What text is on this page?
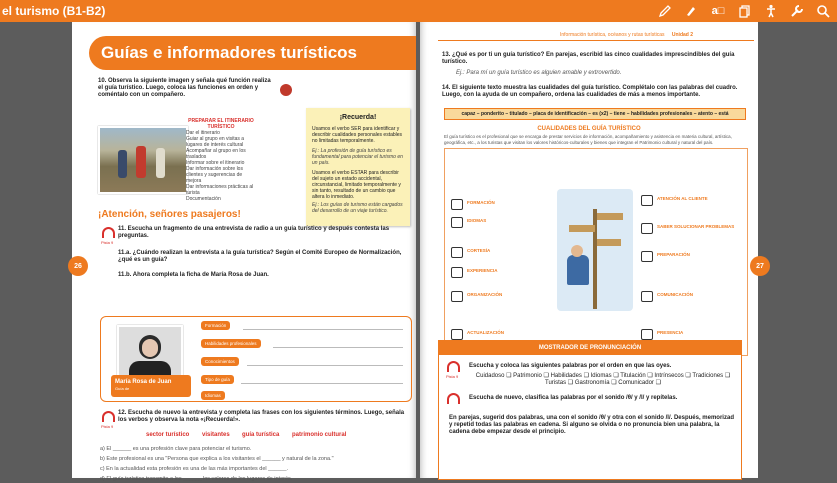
el turismo (B1-B2)	a□
Guías e informadores turísticos
10. Observa la siguiente imagen y señala qué función realiza el guía turístico. Luego, coloca las funciones en orden y coméntalo con un compañero.
PREPARAR EL ITINERARIO TURÍSTICO
Dar el itinerario
Guiar al grupo en visitas a lugares de interés cultural
Acompañar al grupo en los traslados
Informar sobre el itinerario
Dar información sobre los clientes y sugerencias de mejora
Dar informaciones prácticas al turista
Documentación
¡Recuerda!
Usamos el verbo SER para identificar y describir cualidades personales estables no limitadas temporalmente.
Ej.: La profesión de guía turístico es fundamental para potenciar el turismo en un país.
Usamos el verbo ESTAR para describir del sujeto un estado accidental, circunstancial, limitado temporalmente y sin tanto, resultado de un cambio que altera lo inmediato.
Ej.: Los guías de turismo están cargados del desarrollo de un viaje turístico.
¡Atención, señores pasajeros!
Pista 9
11. Escucha un fragmento de una entrevista de radio a un guía turístico y después contesta las preguntas.
11.a. ¿Cuándo realizan la entrevista a la guía turística? Según el Comité Europeo de Normalización, ¿qué es un guía?
11.b. Ahora completa la ficha de María Rosa de Juan.
María Rosa de Juan
Guía de
Formación
Habilidades profesionales
Conocimientos
Tipo de guía
Idiomas
Pista 9
12. Escucha de nuevo la entrevista y completa las frases con los siguientes términos. Luego, señala los verbos y observa la nota «¡Recuerda!».
sector turístico visitantes guía turística patrimonio cultural
a) El ______ es una profesión clave para potenciar el turismo.
b) Este profesional es una "Persona que explica a los visitantes el ______ y natural de la zona."
c) En la actualidad esta profesión es una de las más importantes del ______.
d) El guía turístico transmite a los ______ los valores de los lugares de interés.
26
Información turística, océanos y rutas turísticas Unidad 2
13. ¿Qué es por ti un guía turístico? En parejas, escribid las cinco cualidades imprescindibles del guía turístico.
Ej.: Para mí un guía turístico es alguien amable y extrovertido.
14. El siguiente texto muestra las cualidades del guía turístico. Complétalo con las palabras del cuadro. Luego, con la ayuda de un compañero, ordena las cualidades de más a menos importante.
capaz – ponderito – titulado – placa de identificación – es (x2) – tiene – habilidades profesionales – atento – está
CUALIDADES DEL GUÍA TURÍSTICO
El guía turístico es el profesional que se encarga de prestar servicios de información, acompañamiento y asistencia en materia cultural, artística, geográfica, etc., a los turistas que visitan los valores históricos-culturales y bienes que integran el Patrimonio cultural y natural del país.
FORMACIÓN
IDIOMAS
CORTESÍA
EXPERIENCIA
ORGANIZACIÓN
ACTUALIZACIÓN
ATENCIÓN AL CLIENTE
SABER SOLUCIONAR PROBLEMAS
PREPARACIÓN
COMUNICACIÓN
PRESENCIA
MOSTRADOR DE PRONUNCIACIÓN
Pista 9
Escucha y coloca las siguientes palabras por el orden en que las oyes.
Cuidadoso ❑ Patrimonio ❑ Habilidades ❑ Idiomas ❑ Titulación ❑ Intrínsecos ❑ Tradiciones ❑ Turistas ❑ Gastronomía ❑ Comunicador ❑
Escucha de nuevo, clasifica las palabras por el sonido /θ/ y /l/ y repítelas.
En parejas, sugerid dos palabras, una con el sonido /θ/ y otra con el sonido /l/. Después, memorizad y repetid todas las palabras en cadena. Si alguno se olvida o no pronuncia bien una palabra, la cadena debe empezar desde el principio.
27
